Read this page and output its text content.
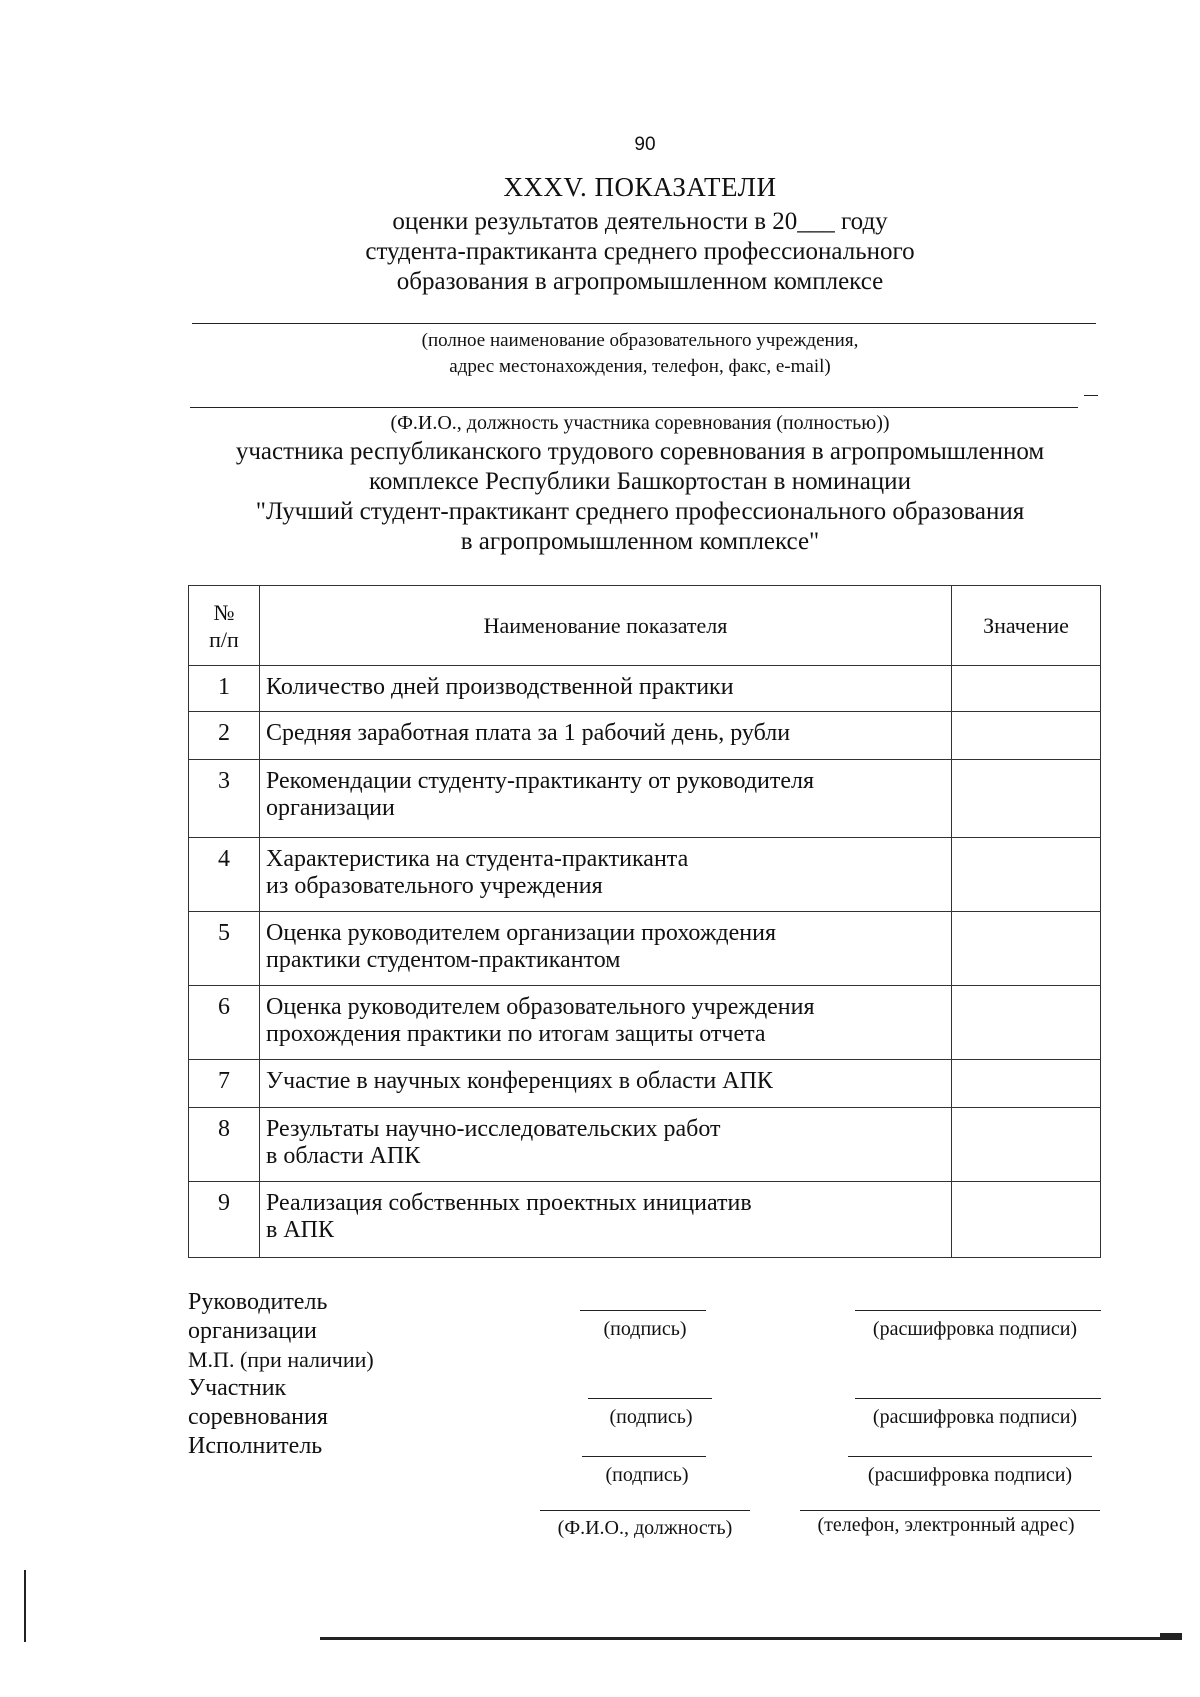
90
XXXV. ПОКАЗАТЕЛИ
оценки результатов деятельности в 20___ году
студента-практиканта среднего профессионального
образования в агропромышленном комплексе
(полное наименование образовательного учреждения,
адрес местонахождения, телефон, факс, e-mail)
(Ф.И.О., должность участника соревнования (полностью))
участника республиканского трудового соревнования в агропромышленном
комплексе Республики Башкортостан в номинации
"Лучший студент-практикант среднего профессионального образования
в агропромышленном комплексе"
№
п/п	Наименование показателя	Значение
1	Количество дней производственной практики	

2	Средняя заработная плата за 1 рабочий день, рубли	

3	Рекомендации студенту-практиканту от руководителя
организации	

4	Характеристика на студента-практиканта
из образовательного учреждения	

5	Оценка руководителем организации прохождения
практики студентом-практикантом	

6	Оценка руководителем образовательного учреждения
прохождения практики по итогам защиты отчета	

7	Участие в научных конференциях в области АПК	

8	Результаты научно-исследовательских работ
в области АПК	

9	Реализация собственных проектных инициатив
в АПК	

Руководитель
организации
М.П. (при наличии)
Участник
соревнования
Исполнитель
(подпись)	(расшифровка подписи)
(подпись)	(расшифровка подписи)
(подпись)	(расшифровка подписи)
(Ф.И.О., должность)	(телефон, электронный адрес)
